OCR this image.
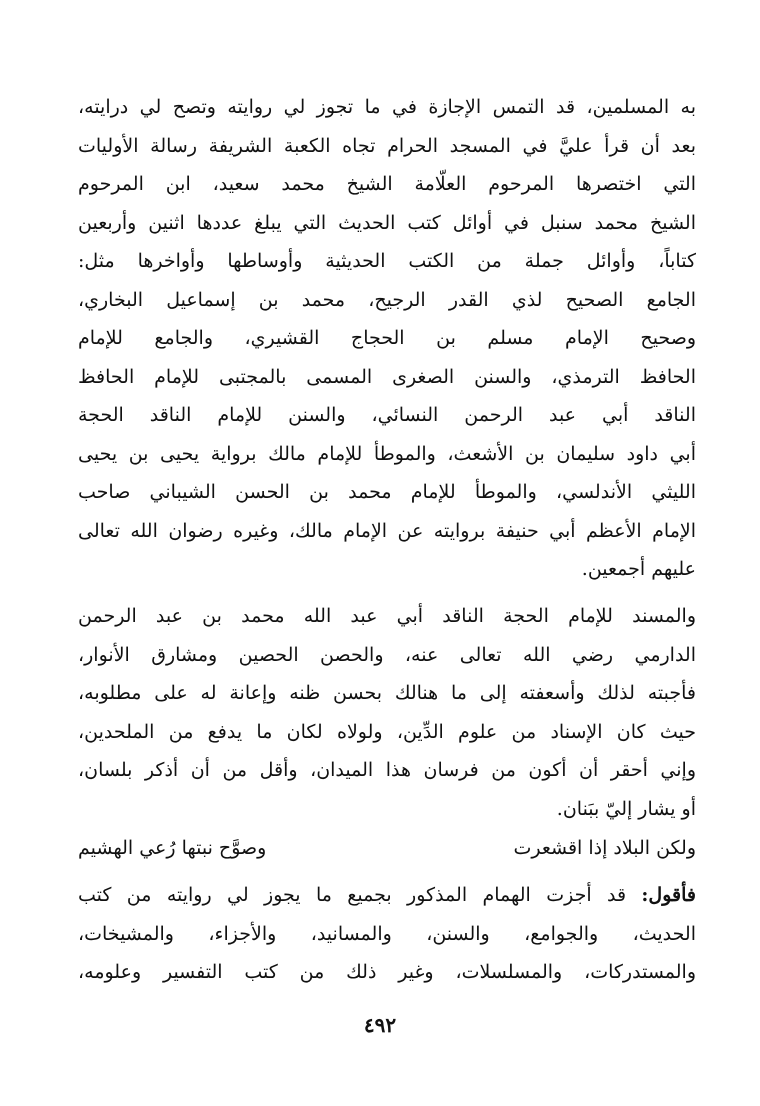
به المسلمين، قد التمس الإجازة في ما تجوز لي روايته وتصح لي درايته،
بعد أن قرأ عليَّ في المسجد الحرام تجاه الكعبة الشريفة رسالة الأوليات
التي اختصرها المرحوم العلّامة الشيخ محمد سعيد، ابن المرحوم
الشيخ محمد سنبل في أوائل كتب الحديث التي يبلغ عددها اثنين وأربعين
كتاباً، وأوائل جملة من الكتب الحديثية وأوساطها وأواخرها مثل:
الجامع الصحيح لذي القدر الرجيح، محمد بن إسماعيل البخاري،
وصحيح الإمام مسلم بن الحجاج القشيري، والجامع للإمام
الحافظ الترمذي، والسنن الصغرى المسمى بالمجتبى للإمام الحافظ
الناقد أبي عبد الرحمن النسائي، والسنن للإمام الناقد الحجة
أبي داود سليمان بن الأشعث، والموطأ للإمام مالك برواية يحيى بن يحيى
الليثي الأندلسي، والموطأ للإمام محمد بن الحسن الشيباني صاحب
الإمام الأعظم أبي حنيفة بروايته عن الإمام مالك، وغيره رضوان الله تعالى
عليهم أجمعين.
والمسند للإمام الحجة الناقد أبي عبد الله محمد بن عبد الرحمن
الدارمي رضي الله تعالى عنه، والحصن الحصين ومشارق الأنوار،
فأجبته لذلك وأسعفته إلى ما هنالك بحسن ظنه وإعانة له على مطلوبه،
حيث كان الإسناد من علوم الدِّين، ولولاه لكان ما يدفع من الملحدين،
وإني أحقر أن أكون من فرسان هذا الميدان، وأقل من أن أذكر بلسان،
أو يشار إليّ ببَنان.
ولكن البلاد إذا اقشعرت
وصوَّح نبتها رُعي الهشيم
فأقول: قد أجزت الهمام المذكور بجميع ما يجوز لي روايته من كتب
الحديث، والجوامع، والسنن، والمسانيد، والأجزاء، والمشيخات،
والمستدركات، والمسلسلات، وغير ذلك من كتب التفسير وعلومه،
٤٩٢
